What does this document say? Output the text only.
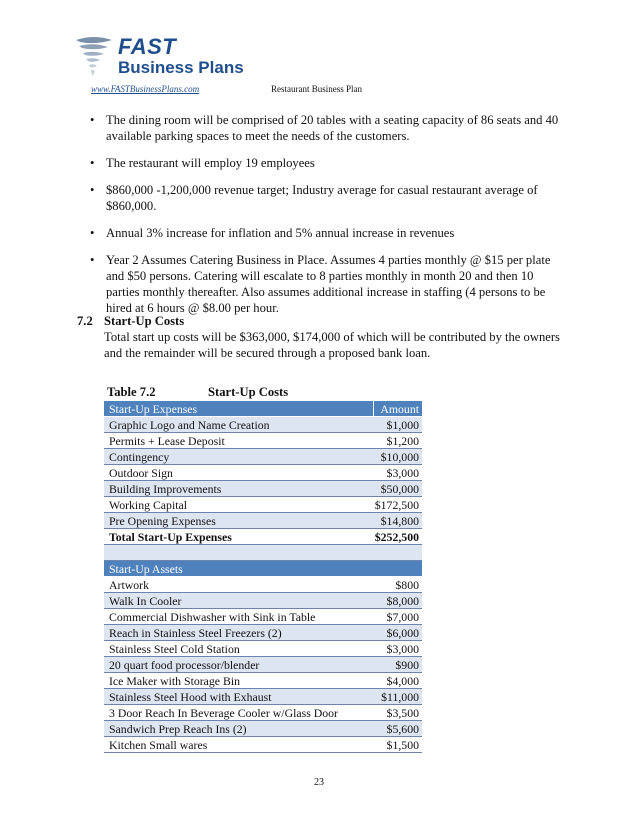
FAST
Business Plans
www.FASTBusinessPlans.com	Restaurant Business Plan
• The dining room will be comprised of 20 tables with a seating capacity of 86 seats and 40 available parking spaces to meet the needs of the customers.
• The restaurant will employ 19 employees
• $860,000 -1,200,000 revenue target; Industry average for casual restaurant average of $860,000.
• Annual 3% increase for inflation and 5% annual increase in revenues
• Year 2 Assumes Catering Business in Place. Assumes 4 parties monthly @ $15 per plate and $50 persons. Catering will escalate to 8 parties monthly in month 20 and then 10 parties monthly thereafter. Also assumes additional increase in staffing (4 persons to be hired at 6 hours @ $8.00 per hour.
7.2 Start-Up Costs
Total start up costs will be $363,000, $174,000 of which will be contributed by the owners and the remainder will be secured through a proposed bank loan.
Table 7.2	Start-Up Costs
Start-Up Expenses	Amount
Graphic Logo and Name Creation	$1,000
Permits + Lease Deposit	$1,200
Contingency	$10,000
Outdoor Sign	$3,000
Building Improvements	$50,000
Working Capital	$172,500
Pre Opening Expenses	$14,800
Total Start-Up Expenses	$252,500
Start-Up Assets
Artwork	$800
Walk In Cooler	$8,000
Commercial Dishwasher with Sink in Table	$7,000
Reach in Stainless Steel Freezers (2)	$6,000
Stainless Steel Cold Station	$3,000
20 quart food processor/blender	$900
Ice Maker with Storage Bin	$4,000
Stainless Steel Hood with Exhaust	$11,000
3 Door Reach In Beverage Cooler w/Glass Door	$3,500
Sandwich Prep Reach Ins (2)	$5,600
Kitchen Small wares	$1,500
23
